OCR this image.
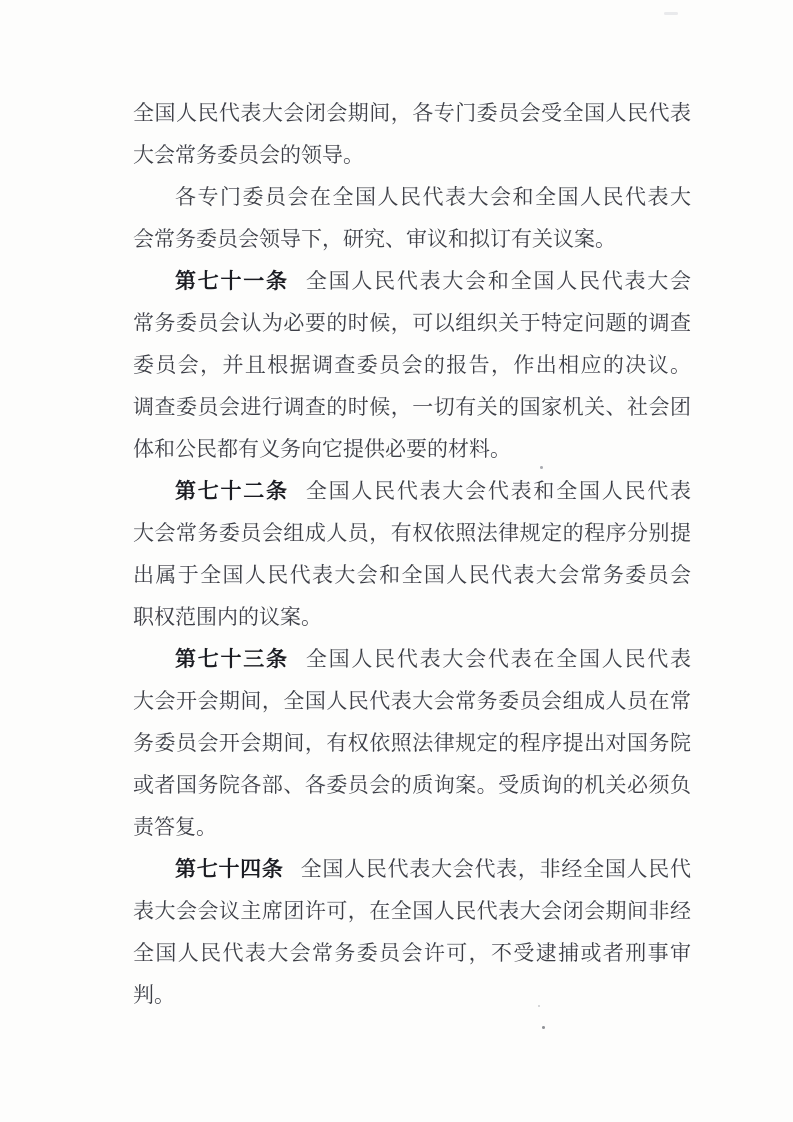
全国人民代表大会闭会期间，各专门委员会受全国人民代表
大会常务委员会的领导。
各专门委员会在全国人民代表大会和全国人民代表大
会常务委员会领导下，研究、审议和拟订有关议案。
第七十一条 全国人民代表大会和全国人民代表大会
常务委员会认为必要的时候，可以组织关于特定问题的调查
委员会，并且根据调查委员会的报告，作出相应的决议。
调查委员会进行调查的时候，一切有关的国家机关、社会团
体和公民都有义务向它提供必要的材料。
第七十二条 全国人民代表大会代表和全国人民代表
大会常务委员会组成人员，有权依照法律规定的程序分别提
出属于全国人民代表大会和全国人民代表大会常务委员会
职权范围内的议案。
第七十三条 全国人民代表大会代表在全国人民代表
大会开会期间，全国人民代表大会常务委员会组成人员在常
务委员会开会期间，有权依照法律规定的程序提出对国务院
或者国务院各部、各委员会的质询案。受质询的机关必须负
责答复。
第七十四条 全国人民代表大会代表，非经全国人民代
表大会会议主席团许可，在全国人民代表大会闭会期间非经
全国人民代表大会常务委员会许可，不受逮捕或者刑事审
判。
